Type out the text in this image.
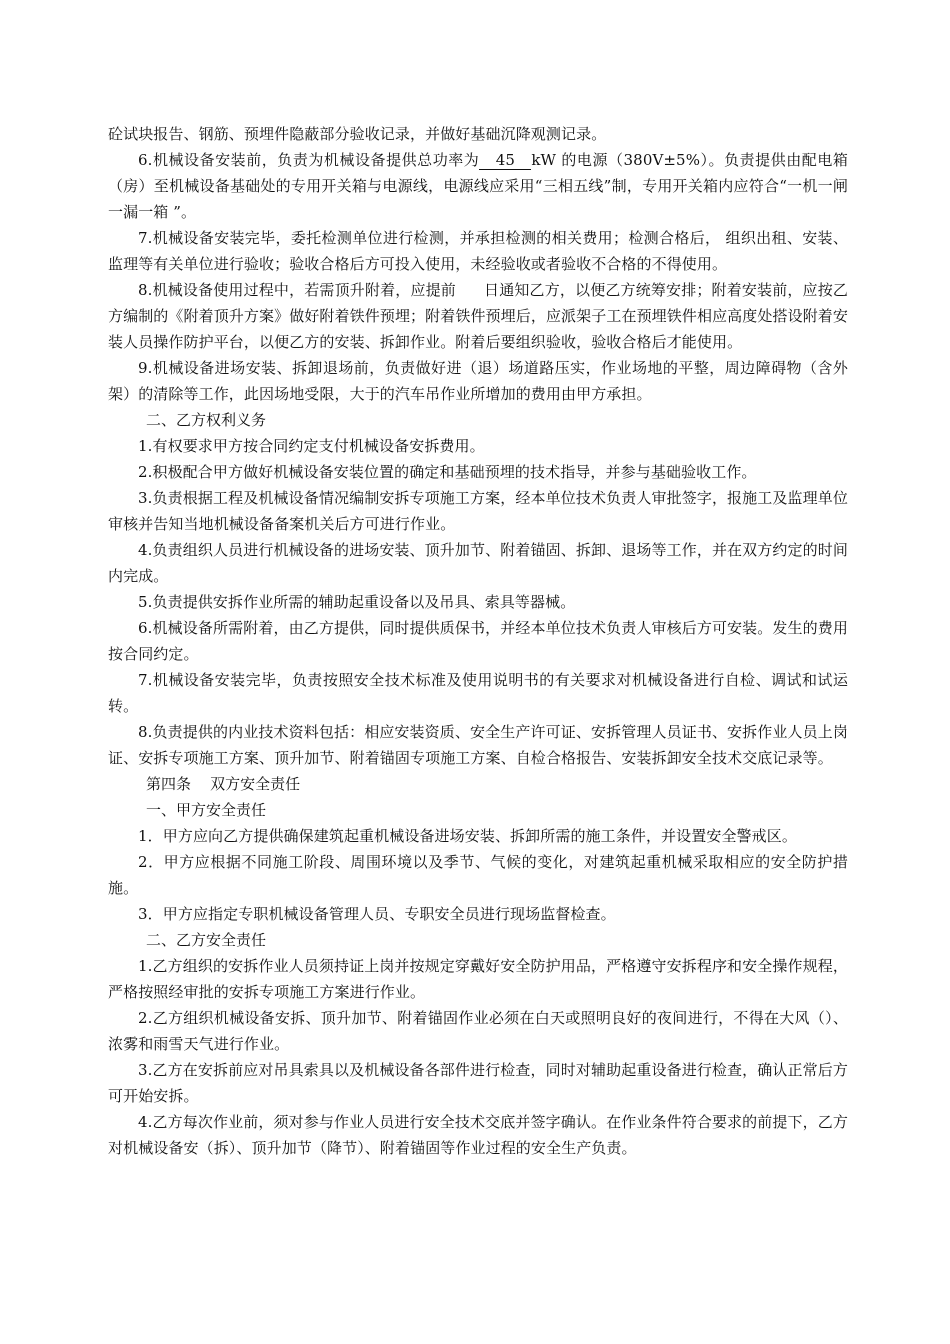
砼试块报告、钢筋、预埋件隐蔽部分验收记录，并做好基础沉降观测记录。

6.机械设备安装前，负责为机械设备提供总功率为 45 kW 的电源（380V±5%）。负责提供由配电箱（房）至机械设备基础处的专用开关箱与电源线，电源线应采用“三相五线”制，专用开关箱内应符合“一机一闸一漏一箱 ”。

7.机械设备安装完毕，委托检测单位进行检测，并承担检测的相关费用；检测合格后， 组织出租、安装、监理等有关单位进行验收；验收合格后方可投入使用，未经验收或者验收不合格的不得使用。

8.机械设备使用过程中，若需顶升附着，应提前 日通知乙方，以便乙方统筹安排；附着安装前，应按乙方编制的《附着顶升方案》做好附着铁件预埋；附着铁件预埋后，应派架子工在预埋铁件相应高度处搭设附着安装人员操作防护平台，以便乙方的安装、拆卸作业。附着后要组织验收，验收合格后才能使用。

9.机械设备进场安装、拆卸退场前，负责做好进（退）场道路压实，作业场地的平整，周边障碍物（含外架）的清除等工作，此因场地受限，大于的汽车吊作业所增加的费用由甲方承担。

二、乙方权利义务

1.有权要求甲方按合同约定支付机械设备安拆费用。

2.积极配合甲方做好机械设备安装位置的确定和基础预埋的技术指导，并参与基础验收工作。

3.负责根据工程及机械设备情况编制安拆专项施工方案，经本单位技术负责人审批签字，报施工及监理单位审核并告知当地机械设备备案机关后方可进行作业。

4.负责组织人员进行机械设备的进场安装、顶升加节、附着锚固、拆卸、退场等工作，并在双方约定的时间内完成。

5.负责提供安拆作业所需的辅助起重设备以及吊具、索具等器械。

6.机械设备所需附着，由乙方提供，同时提供质保书，并经本单位技术负责人审核后方可安装。发生的费用按合同约定。

7.机械设备安装完毕，负责按照安全技术标准及使用说明书的有关要求对机械设备进行自检、调试和试运转。

8.负责提供的内业技术资料包括：相应安装资质、安全生产许可证、安拆管理人员证书、安拆作业人员上岗证、安拆专项施工方案、顶升加节、附着锚固专项施工方案、自检合格报告、安装拆卸安全技术交底记录等。

第四条    双方安全责任

一、甲方安全责任

1．甲方应向乙方提供确保建筑起重机械设备进场安装、拆卸所需的施工条件，并设置安全警戒区。

2．甲方应根据不同施工阶段、周围环境以及季节、气候的变化，对建筑起重机械采取相应的安全防护措施。

3．甲方应指定专职机械设备管理人员、专职安全员进行现场监督检查。

二、乙方安全责任

1.乙方组织的安拆作业人员须持证上岗并按规定穿戴好安全防护用品，严格遵守安拆程序和安全操作规程，严格按照经审批的安拆专项施工方案进行作业。

2.乙方组织机械设备安拆、顶升加节、附着锚固作业必须在白天或照明良好的夜间进行，不得在大风（）、浓雾和雨雪天气进行作业。

3.乙方在安拆前应对吊具索具以及机械设备各部件进行检查，同时对辅助起重设备进行检查，确认正常后方可开始安拆。

4.乙方每次作业前，须对参与作业人员进行安全技术交底并签字确认。在作业条件符合要求的前提下，乙方对机械设备安（拆）、顶升加节（降节）、附着锚固等作业过程的安全生产负责。
